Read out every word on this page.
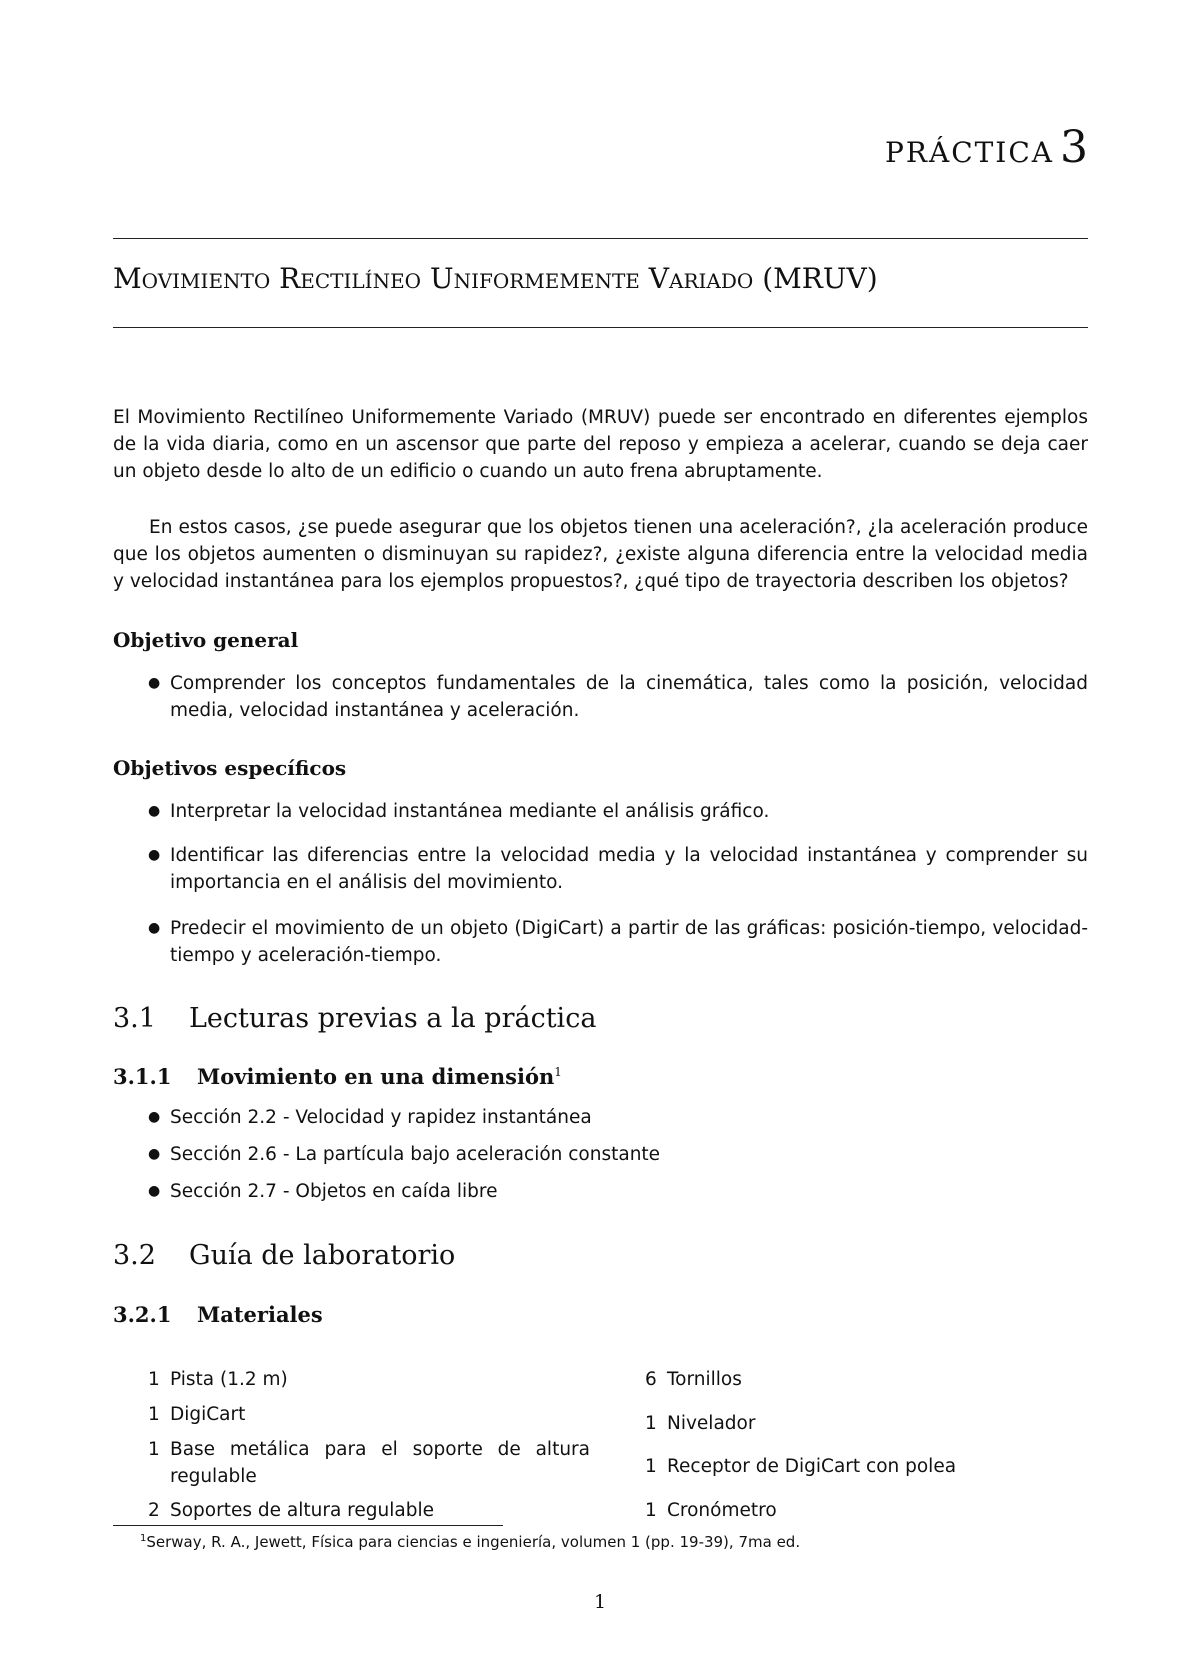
PRÁCTICA 3
Movimiento Rectilíneo Uniformemente Variado (MRUV)
El Movimiento Rectilíneo Uniformemente Variado (MRUV) puede ser encontrado en diferentes ejemplos de la vida diaria, como en un ascensor que parte del reposo y empieza a acelerar, cuando se deja caer un objeto desde lo alto de un edificio o cuando un auto frena abruptamente.
En estos casos, ¿se puede asegurar que los objetos tienen una aceleración?, ¿la aceleración produce que los objetos aumenten o disminuyan su rapidez?, ¿existe alguna diferencia entre la velocidad media y velocidad instantánea para los ejemplos propuestos?, ¿qué tipo de trayectoria describen los objetos?
Objetivo general
● Comprender los conceptos fundamentales de la cinemática, tales como la posición, velocidad media, velocidad instantánea y aceleración.
Objetivos específicos
● Interpretar la velocidad instantánea mediante el análisis gráfico.
● Identificar las diferencias entre la velocidad media y la velocidad instantánea y comprender su importancia en el análisis del movimiento.
● Predecir el movimiento de un objeto (DigiCart) a partir de las gráficas: posición-tiempo, velocidad-tiempo y aceleración-tiempo.
3.1 Lecturas previas a la práctica
3.1.1 Movimiento en una dimensión$^1$
● Sección 2.2 - Velocidad y rapidez instantánea
● Sección 2.6 - La partícula bajo aceleración constante
● Sección 2.7 - Objetos en caída libre
3.2 Guía de laboratorio
3.2.1 Materiales
1 Pista (1.2 m)
1 DigiCart
1 Base metálica para el soporte de altura regulable
2 Soportes de altura regulable
6 Tornillos
1 Nivelador
1 Receptor de DigiCart con polea
1 Cronómetro
$^1$Serway, R. A., Jewett, Física para ciencias e ingeniería, volumen 1 (pp. 19-39), 7ma ed.
1
